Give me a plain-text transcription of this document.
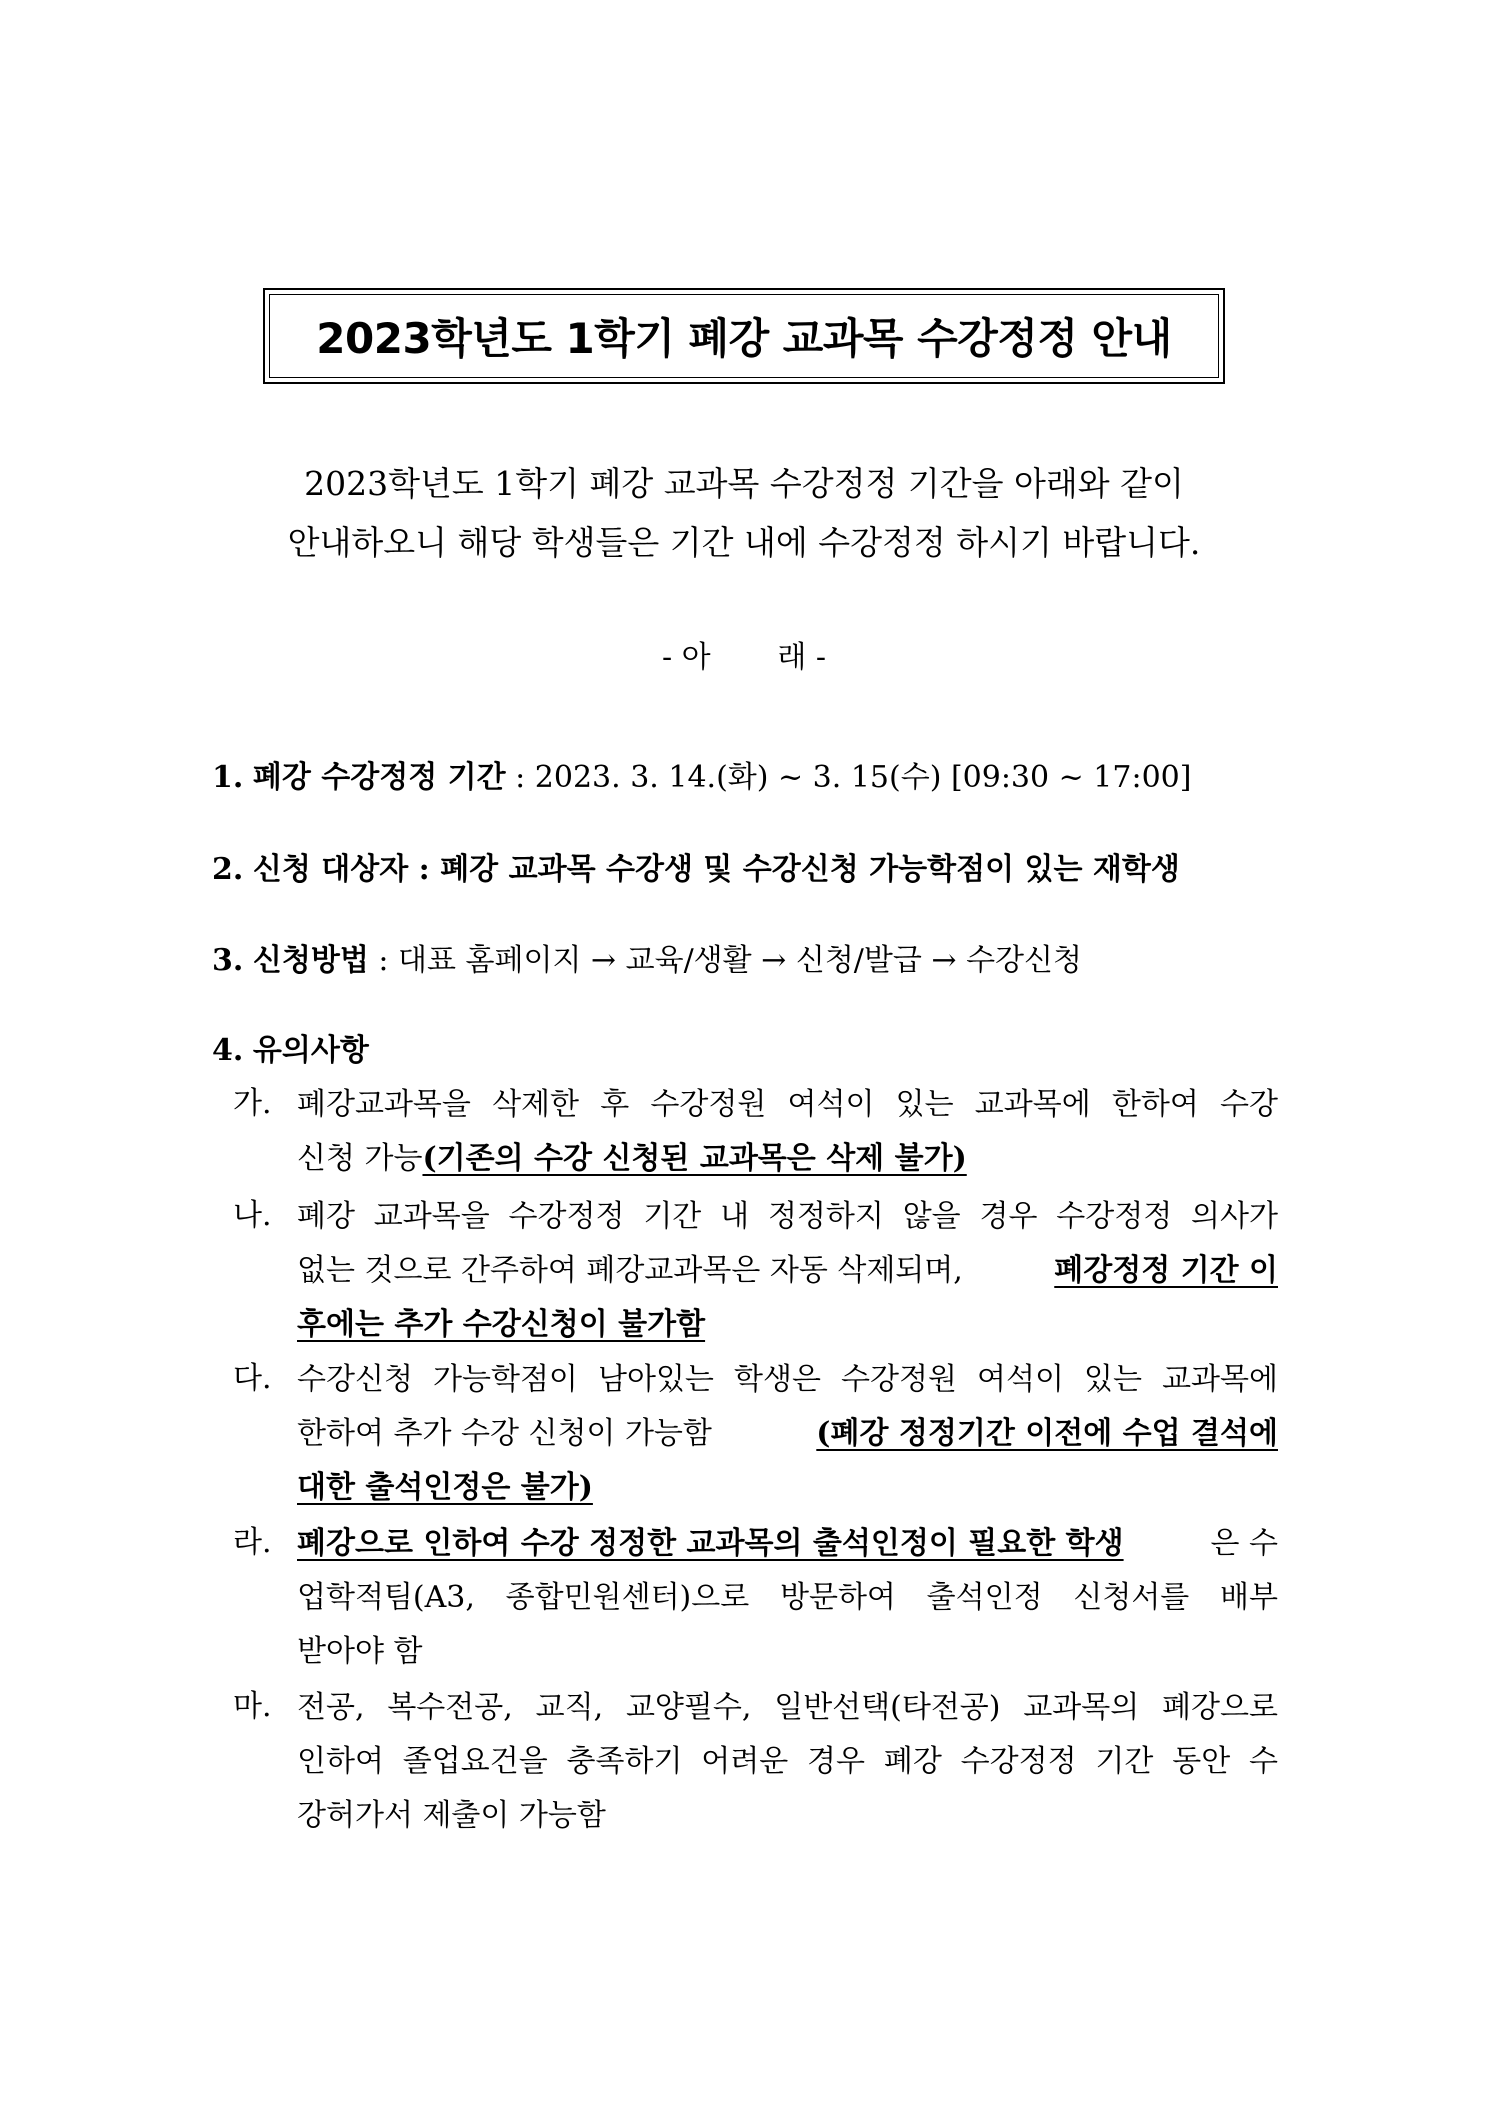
2023학년도 1학기 폐강 교과목 수강정정 안내
2023학년도 1학기 폐강 교과목 수강정정 기간을 아래와 같이
안내하오니 해당 학생들은 기간 내에 수강정정 하시기 바랍니다.
- 아       래 -
1. 폐강 수강정정 기간 : 2023. 3. 14.(화) ~ 3. 15(수) [09:30 ~ 17:00]
2. 신청 대상자 : 폐강 교과목 수강생 및 수강신청 가능학점이 있는 재학생
3. 신청방법 : 대표 홈페이지 → 교육/생활 → 신청/발급 → 수강신청
4. 유의사항
가. 폐강교과목을 삭제한 후 수강정원 여석이 있는 교과목에 한하여 수강
신청 가능(기존의 수강 신청된 교과목은 삭제 불가)
나. 폐강 교과목을 수강정정 기간 내 정정하지 않을 경우 수강정정 의사가
없는 것으로 간주하여 폐강교과목은 자동 삭제되며,	폐강정정 기간 이
후에는 추가 수강신청이 불가함
다. 수강신청 가능학점이 남아있는 학생은 수강정원 여석이 있는 교과목에
한하여 추가 수강 신청이 가능함	(폐강 정정기간 이전에 수업 결석에
대한 출석인정은 불가)
라. 폐강으로 인하여 수강 정정한 교과목의 출석인정이 필요한 학생	은 수
업학적팀(A3, 종합민원센터)으로 방문하여 출석인정 신청서를 배부
받아야 함
마. 전공, 복수전공, 교직, 교양필수, 일반선택(타전공) 교과목의 폐강으로
인하여 졸업요건을 충족하기 어려운 경우 폐강 수강정정 기간 동안 수
강허가서 제출이 가능함
